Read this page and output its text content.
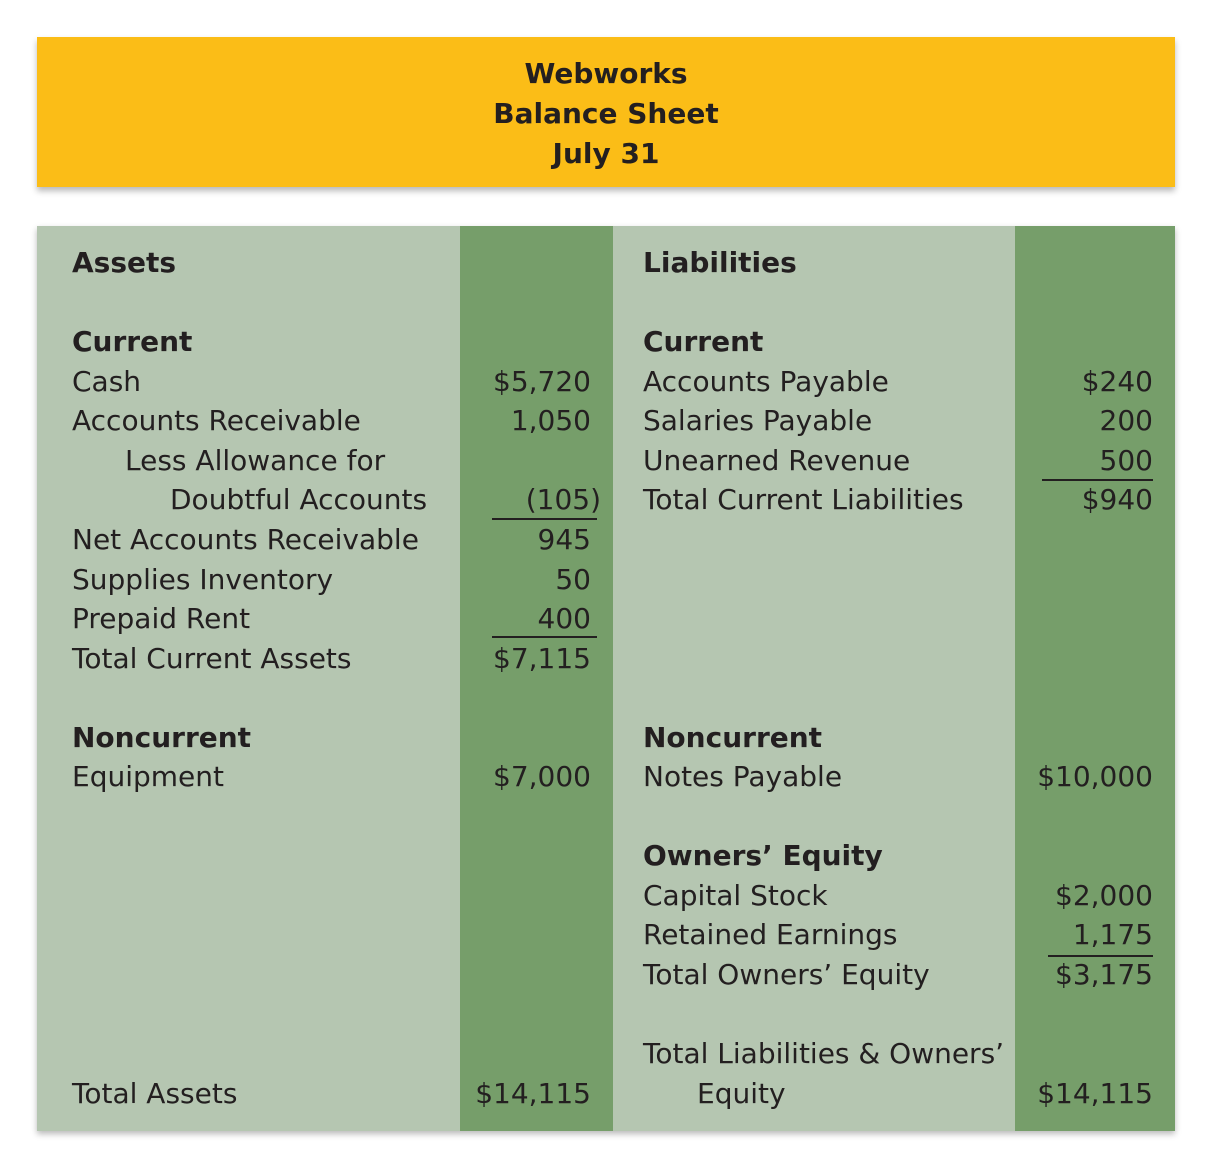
Webworks
Balance Sheet
July 31
Assets
Current
Cash	$5,720
Accounts Receivable	1,050
Less Allowance for
Doubtful Accounts	(105)
Net Accounts Receivable	945
Supplies Inventory	50
Prepaid Rent	400
Total Current Assets	$7,115
Noncurrent
Equipment	$7,000
Total Assets	$14,115
Liabilities
Current
Accounts Payable	$240
Salaries Payable	200
Unearned Revenue	500
Total Current Liabilities	$940
Noncurrent
Notes Payable	$10,000
Owners’ Equity
Capital Stock	$2,000
Retained Earnings	1,175
Total Owners’ Equity	$3,175
Total Liabilities & Owners’
Equity	$14,115
